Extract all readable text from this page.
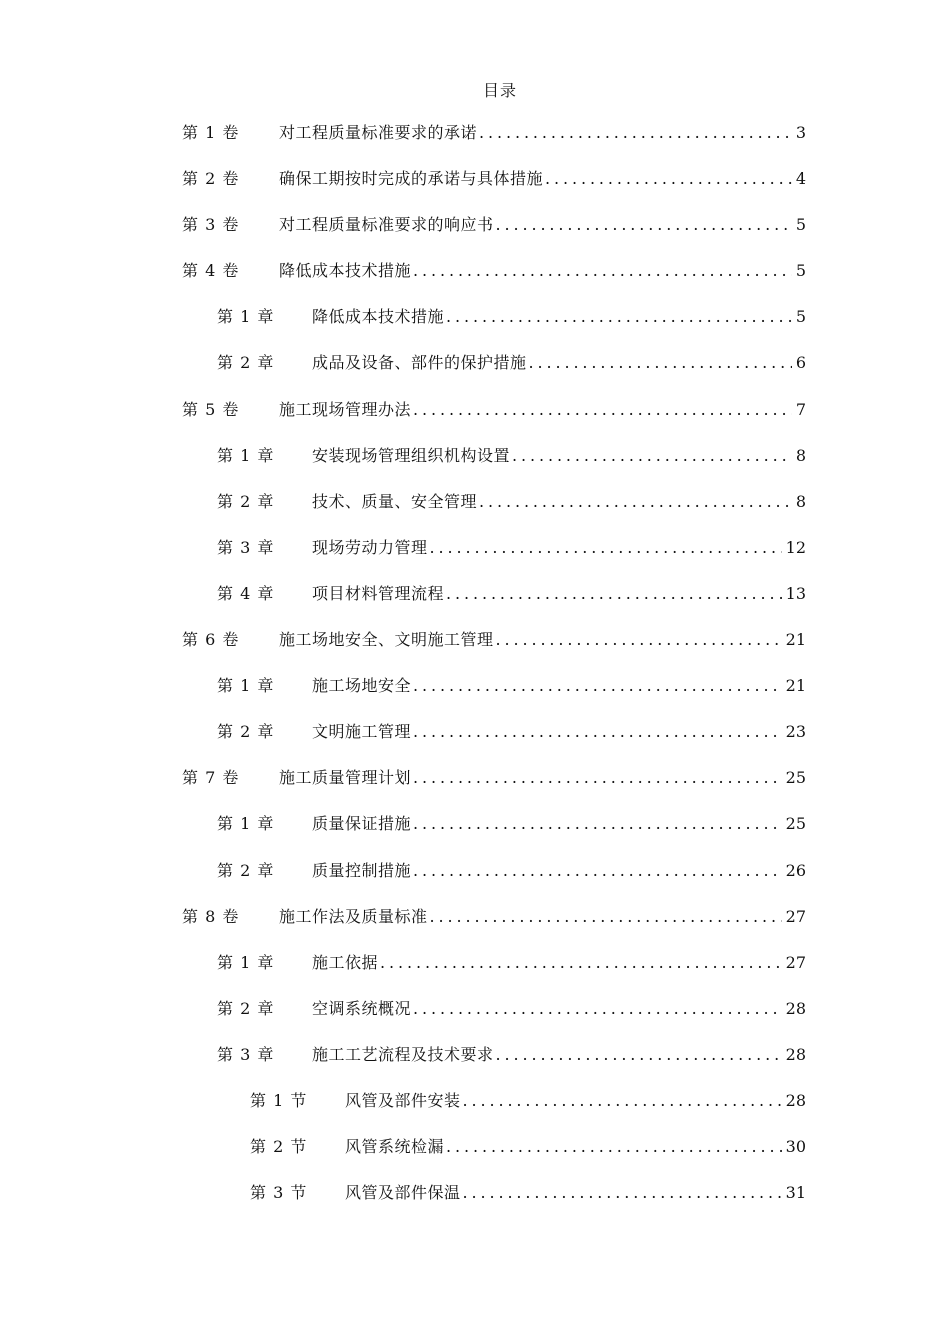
目录
第 1 卷	对工程质量标准要求的承诺 .....	3
第 2 卷	确保工期按时完成的承诺与具体措施 .....	4
第 3 卷	对工程质量标准要求的响应书 .....	5
第 4 卷	降低成本技术措施 .....	5
第 1 章	降低成本技术措施 .....	5
第 2 章	成品及设备、部件的保护措施 .....	6
第 5 卷	施工现场管理办法 .....	7
第 1 章	安装现场管理组织机构设置 .....	8
第 2 章	技术、质量、安全管理 .....	8
第 3 章	现场劳动力管理 .....	12
第 4 章	项目材料管理流程 .....	13
第 6 卷	施工场地安全、文明施工管理 .....	21
第 1 章	施工场地安全 .....	21
第 2 章	文明施工管理 .....	23
第 7 卷	施工质量管理计划 .....	25
第 1 章	质量保证措施 .....	25
第 2 章	质量控制措施 .....	26
第 8 卷	施工作法及质量标准 .....	27
第 1 章	施工依据 .....	27
第 2 章	空调系统概况 .....	28
第 3 章	施工工艺流程及技术要求 .....	28
第 1 节	风管及部件安装 .....	28
第 2 节	风管系统检漏 .....	30
第 3 节	风管及部件保温 .....	31
